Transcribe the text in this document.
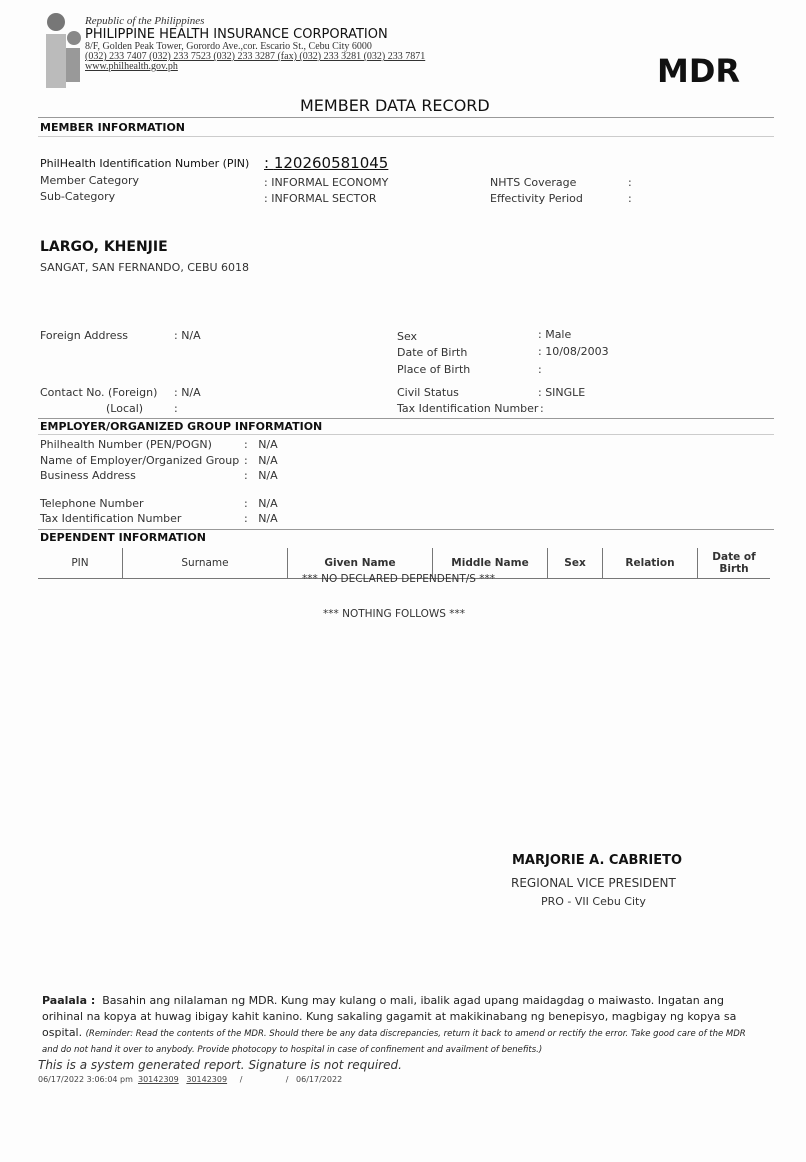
Republic of the Philippines
PHILIPPINE HEALTH INSURANCE CORPORATION
8/F, Golden Peak Tower, Gorordo Ave.,cor. Escario St., Cebu City 6000
(032) 233 7407 (032) 233 7523 (032) 233 3287 (fax) (032) 233 3281 (032) 233 7871
www.philhealth.gov.ph	MDR
MEMBER DATA RECORD
MEMBER INFORMATION
PhilHealth Identification Number (PIN) : 120260581045
Member Category	: INFORMAL ECONOMY
Sub-Category	: INFORMAL SECTOR
NHTS Coverage	:
Effectivity Period	:
LARGO, KHENJIE
SANGAT, SAN FERNANDO, CEBU 6018
Foreign Address	: N/A	Sex	: Male
Date of Birth	: 10/08/2003
Place of Birth	:
Contact No. (Foreign) : N/A
(Local)	:
Civil Status	: SINGLE
Tax Identification Number :
EMPLOYER/ORGANIZED GROUP INFORMATION
Philhealth Number (PEN/POGN)	:   N/A
Name of Employer/Organized Group :   N/A
Business Address	:   N/A
Telephone Number	:   N/A
Tax Identification Number	:   N/A
DEPENDENT INFORMATION
PIN	Surname	Given Name	Middle Name	Sex	Relation	Date of Birth
*** NO DECLARED DEPENDENT/S ***
*** NOTHING FOLLOWS ***
MARJORIE A. CABRIETO
REGIONAL VICE PRESIDENT
PRO - VII Cebu City
Paalala : Basahin ang nilalaman ng MDR. Kung may kulang o mali, ibalik agad upang maidagdag o maiwasto. Ingatan ang orihinal na kopya at huwag ibigay kahit kanino. Kung sakaling gagamit at makikinabang ng benepisyo, magbigay ng kopya sa ospital. (Reminder: Read the contents of the MDR. Should there be any data discrepancies, return it back to amend or rectify the error. Take good care of the MDR and do not hand it over to anybody. Provide photocopy to hospital in case of confinement and availment of benefits.)
This is a system generated report. Signature is not required.
06/17/2022 3:06:04 pm 30142309 30142309     /                 /   06/17/2022
